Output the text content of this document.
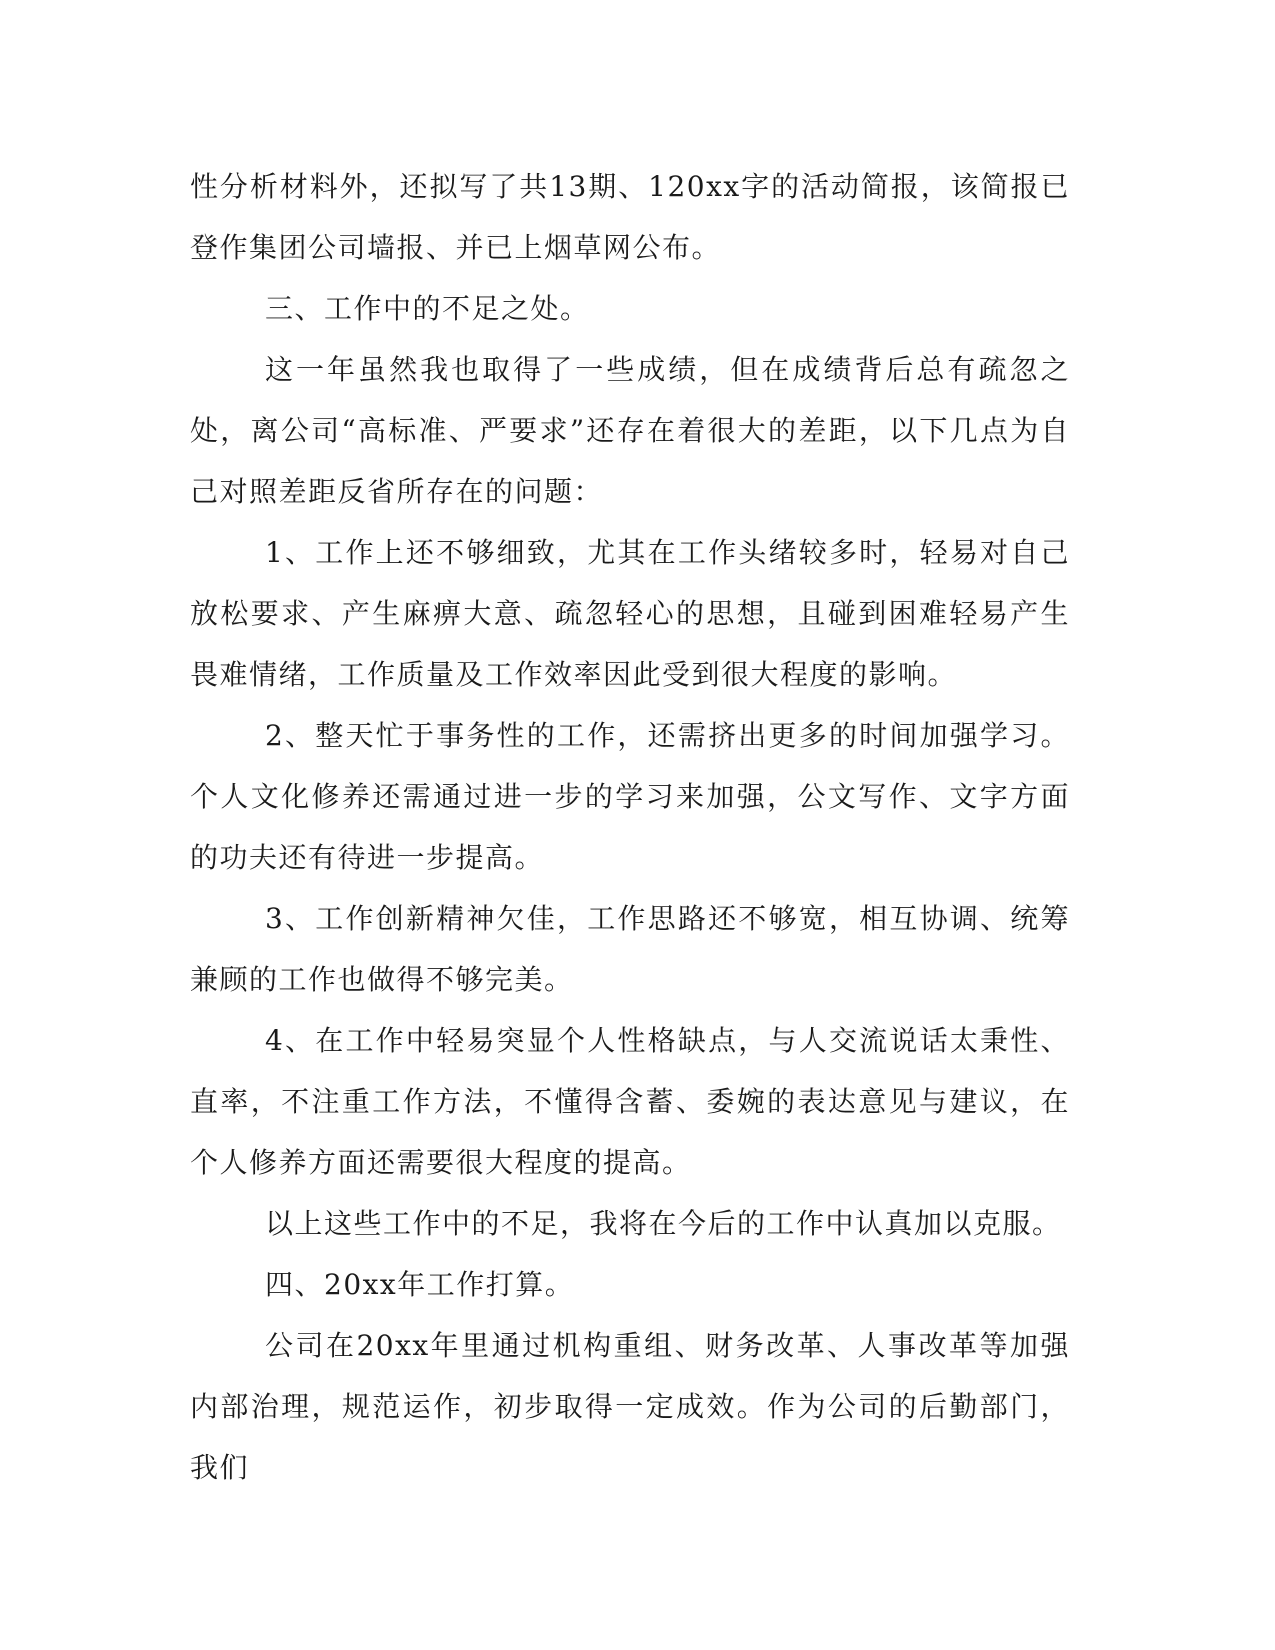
性分析材料外，还拟写了共13期、120xx字的活动简报，该简报已登作集团公司墙报、并已上烟草网公布。

三、工作中的不足之处。

这一年虽然我也取得了一些成绩，但在成绩背后总有疏忽之处，离公司“高标准、严要求”还存在着很大的差距，以下几点为自己对照差距反省所存在的问题：

1、工作上还不够细致，尤其在工作头绪较多时，轻易对自己放松要求、产生麻痹大意、疏忽轻心的思想，且碰到困难轻易产生畏难情绪，工作质量及工作效率因此受到很大程度的影响。

2、整天忙于事务性的工作，还需挤出更多的时间加强学习。个人文化修养还需通过进一步的学习来加强，公文写作、文字方面的功夫还有待进一步提高。

3、工作创新精神欠佳，工作思路还不够宽，相互协调、统筹兼顾的工作也做得不够完美。

4、在工作中轻易突显个人性格缺点，与人交流说话太秉性、直率，不注重工作方法，不懂得含蓄、委婉的表达意见与建议，在个人修养方面还需要很大程度的提高。

以上这些工作中的不足，我将在今后的工作中认真加以克服。

四、20xx年工作打算。

公司在20xx年里通过机构重组、财务改革、人事改革等加强内部治理，规范运作，初步取得一定成效。作为公司的后勤部门，我们
